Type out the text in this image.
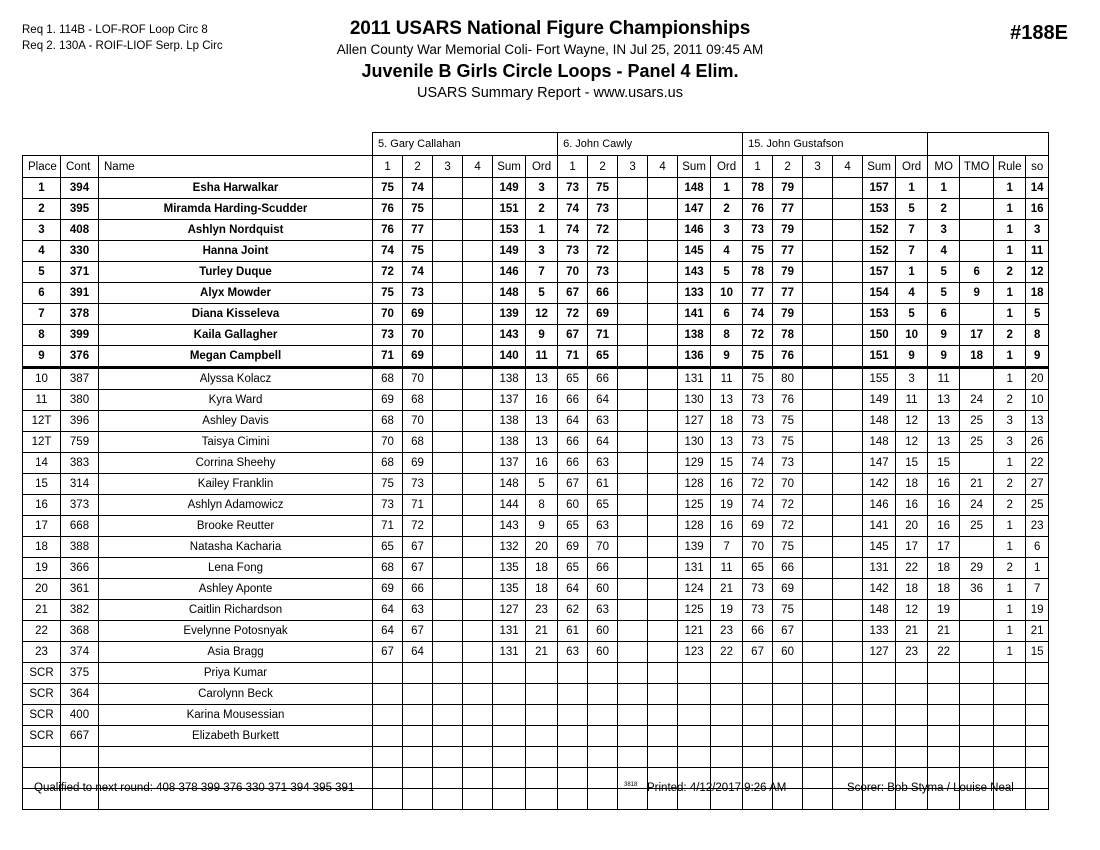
Req 1. 114B - LOF-ROF Loop Circ 8
Req 2. 130A - ROIF-LIOF Serp. Lp Circ
2011 USARS National Figure Championships
Allen County War Memorial Coli- Fort Wayne, IN Jul 25, 2011 09:45 AM
Juvenile B Girls Circle Loops - Panel 4 Elim.
USARS Summary Report - www.usars.us
#188E
			5. Gary Callahan						6. John Cawly						15. John Gustafson									
Place	Cont	Name	1	2	3	4	Sum	Ord	1	2	3	4	Sum	Ord	1	2	3	4	Sum	Ord	MO	TMO	Rule	so
1	394	Esha Harwalkar	75	74			149	3	73	75			148	1	78	79			157	1	1		1	14
2	395	Miramda Harding-Scudder	76	75			151	2	74	73			147	2	76	77			153	5	2		1	16
3	408	Ashlyn Nordquist	76	77			153	1	74	72			146	3	73	79			152	7	3		1	3
4	330	Hanna Joint	74	75			149	3	73	72			145	4	75	77			152	7	4		1	11
5	371	Turley Duque	72	74			146	7	70	73			143	5	78	79			157	1	5	6	2	12
6	391	Alyx Mowder	75	73			148	5	67	66			133	10	77	77			154	4	5	9	1	18
7	378	Diana Kisseleva	70	69			139	12	72	69			141	6	74	79			153	5	6		1	5
8	399	Kaila Gallagher	73	70			143	9	67	71			138	8	72	78			150	10	9	17	2	8
9	376	Megan Campbell	71	69			140	11	71	65			136	9	75	76			151	9	9	18	1	9
10	387	Alyssa Kolacz	68	70			138	13	65	66			131	11	75	80			155	3	11		1	20
11	380	Kyra Ward	69	68			137	16	66	64			130	13	73	76			149	11	13	24	2	10
12T	396	Ashley Davis	68	70			138	13	64	63			127	18	73	75			148	12	13	25	3	13
12T	759	Taisya Cimini	70	68			138	13	66	64			130	13	73	75			148	12	13	25	3	26
14	383	Corrina Sheehy	68	69			137	16	66	63			129	15	74	73			147	15	15		1	22
15	314	Kailey Franklin	75	73			148	5	67	61			128	16	72	70			142	18	16	21	2	27
16	373	Ashlyn Adamowicz	73	71			144	8	60	65			125	19	74	72			146	16	16	24	2	25
17	668	Brooke Reutter	71	72			143	9	65	63			128	16	69	72			141	20	16	25	1	23
18	388	Natasha Kacharia	65	67			132	20	69	70			139	7	70	75			145	17	17		1	6
19	366	Lena Fong	68	67			135	18	65	66			131	11	65	66			131	22	18	29	2	1
20	361	Ashley Aponte	69	66			135	18	64	60			124	21	73	69			142	18	18	36	1	7
21	382	Caitlin Richardson	64	63			127	23	62	63			125	19	73	75			148	12	19		1	19
22	368	Evelynne Potosnyak	64	67			131	21	61	60			121	23	66	67			133	21	21		1	21
23	374	Asia Bragg	67	64			131	21	63	60			123	22	67	60			127	23	22		1	15
SCR	375	Priya Kumar																						
SCR	364	Carolynn Beck																						
SCR	400	Karina Mousessian																						
SCR	667	Elizabeth Burkett																						

Qualified to next round: 408 378 399 376 330 371 394 395 391	3818 Printed: 4/12/2017 9:26 AM	Scorer: Bob Styma / Louise Neal
